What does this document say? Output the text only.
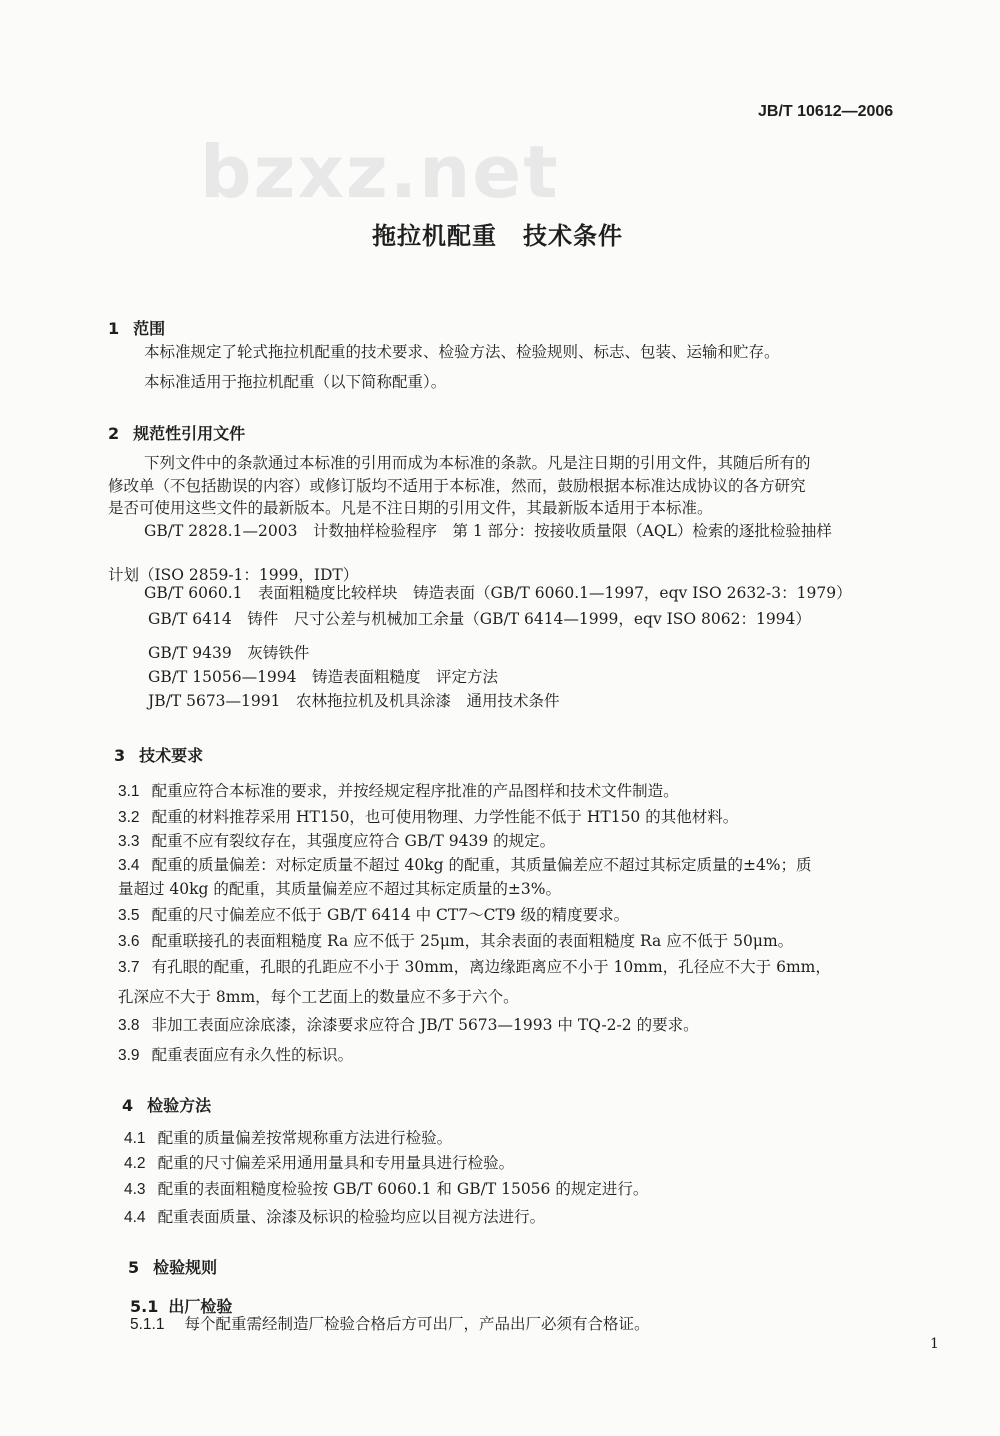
bzxz.net
JB/T 10612—2006
拖拉机配重 技术条件
1 范围
本标准规定了轮式拖拉机配重的技术要求、检验方法、检验规则、标志、包装、运输和贮存。
本标准适用于拖拉机配重（以下简称配重）。
2 规范性引用文件
下列文件中的条款通过本标准的引用而成为本标准的条款。凡是注日期的引用文件，其随后所有的
修改单（不包括勘误的内容）或修订版均不适用于本标准，然而，鼓励根据本标准达成协议的各方研究
是否可使用这些文件的最新版本。凡是不注日期的引用文件，其最新版本适用于本标准。
GB/T 2828.1—2003　计数抽样检验程序　第 1 部分：按接收质量限（AQL）检索的逐批检验抽样
计划（ISO 2859-1：1999，IDT）
GB/T 6060.1　表面粗糙度比较样块　铸造表面（GB/T 6060.1—1997，eqv ISO 2632-3：1979）
GB/T 6414　铸件　尺寸公差与机械加工余量（GB/T 6414—1999，eqv ISO 8062：1994）
GB/T 9439　灰铸铁件
GB/T 15056—1994　铸造表面粗糙度　评定方法
JB/T 5673—1991　农林拖拉机及机具涂漆　通用技术条件
3 技术要求
3.1 配重应符合本标准的要求，并按经规定程序批准的产品图样和技术文件制造。
3.2 配重的材料推荐采用 HT150，也可使用物理、力学性能不低于 HT150 的其他材料。
3.3 配重不应有裂纹存在，其强度应符合 GB/T 9439 的规定。
3.4 配重的质量偏差：对标定质量不超过 40kg 的配重，其质量偏差应不超过其标定质量的±4%；质
量超过 40kg 的配重，其质量偏差应不超过其标定质量的±3%。
3.5 配重的尺寸偏差应不低于 GB/T 6414 中 CT7～CT9 级的精度要求。
3.6 配重联接孔的表面粗糙度 Ra 应不低于 25μm，其余表面的表面粗糙度 Ra 应不低于 50μm。
3.7 有孔眼的配重，孔眼的孔距应不小于 30mm，离边缘距离应不小于 10mm，孔径应不大于 6mm，
孔深应不大于 8mm，每个工艺面上的数量应不多于六个。
3.8 非加工表面应涂底漆，涂漆要求应符合 JB/T 5673—1993 中 TQ-2-2 的要求。
3.9 配重表面应有永久性的标识。
4 检验方法
4.1 配重的质量偏差按常规称重方法进行检验。
4.2 配重的尺寸偏差采用通用量具和专用量具进行检验。
4.3 配重的表面粗糙度检验按 GB/T 6060.1 和 GB/T 15056 的规定进行。
4.4 配重表面质量、涂漆及标识的检验均应以目视方法进行。
5 检验规则
5.1 出厂检验
5.1.1 每个配重需经制造厂检验合格后方可出厂，产品出厂必须有合格证。
1
